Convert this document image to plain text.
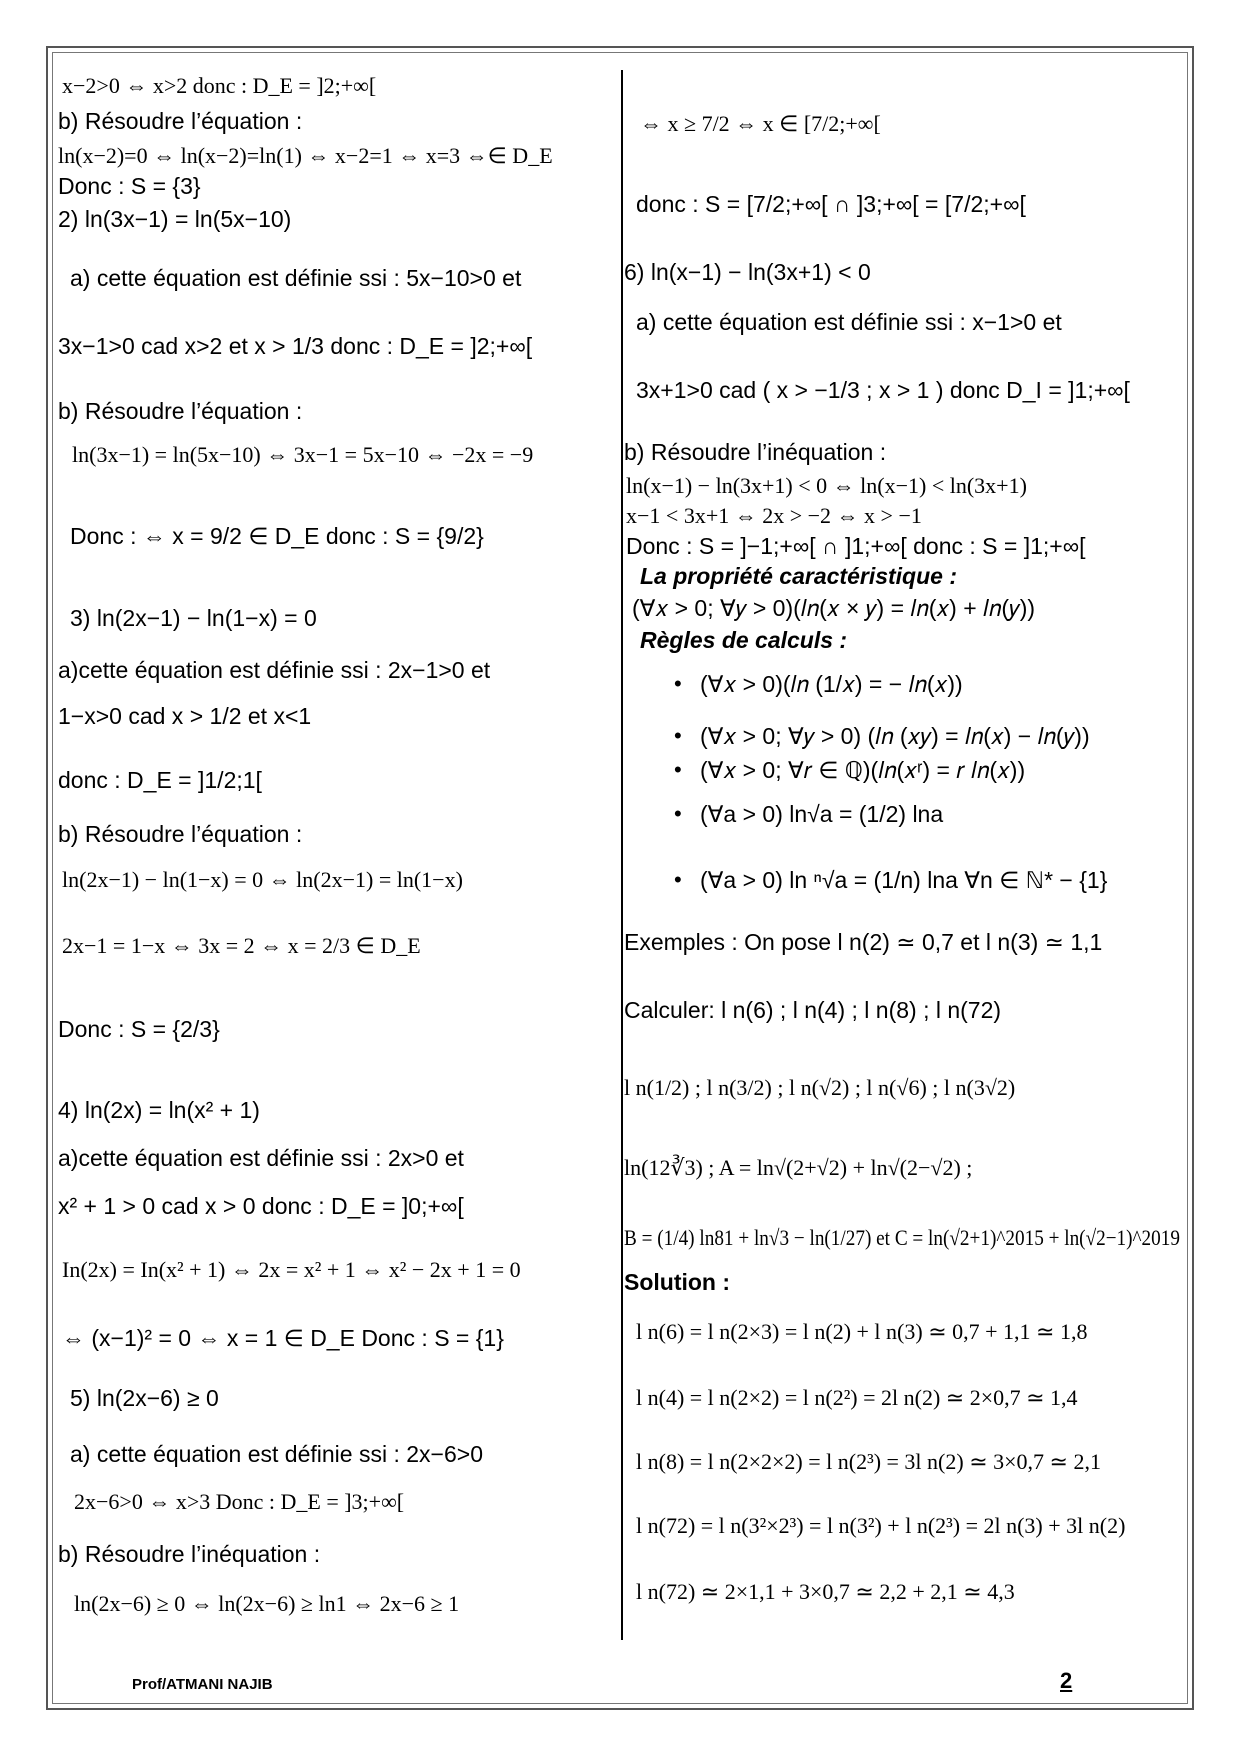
x−2>0 ⇔ x>2 donc : D_E = ]2;+∞[
b) Résoudre l’équation :
ln(x−2)=0 ⇔ ln(x−2)=ln(1) ⇔ x−2=1 ⇔ x=3 ⇔∈ D_E
Donc : S = {3}
2) ln(3x−1) = ln(5x−10)
a) cette équation est définie ssi : 5x−10>0 et
3x−1>0 cad x>2 et x > 1/3 donc : D_E = ]2;+∞[
b) Résoudre l’équation :
ln(3x−1) = ln(5x−10) ⇔ 3x−1 = 5x−10 ⇔ −2x = −9
Donc : ⇔ x = 9/2 ∈ D_E donc : S = {9/2}
3) ln(2x−1) − ln(1−x) = 0
a)cette équation est définie ssi : 2x−1>0 et
1−x>0 cad x > 1/2 et x<1
donc : D_E = ]1/2;1[
b) Résoudre l’équation :
ln(2x−1) − ln(1−x) = 0 ⇔ ln(2x−1) = ln(1−x)
2x−1 = 1−x ⇔ 3x = 2 ⇔ x = 2/3 ∈ D_E
Donc : S = {2/3}
4) ln(2x) = ln(x² + 1)
a)cette équation est définie ssi : 2x>0 et
x² + 1 > 0 cad x > 0 donc : D_E = ]0;+∞[
In(2x) = In(x² + 1) ⇔ 2x = x² + 1 ⇔ x² − 2x + 1 = 0
⇔ (x−1)² = 0 ⇔ x = 1 ∈ D_E Donc : S = {1}
5) ln(2x−6) ≥ 0
a) cette équation est définie ssi : 2x−6>0
2x−6>0 ⇔ x>3 Donc : D_E = ]3;+∞[
b) Résoudre l’inéquation :
ln(2x−6) ≥ 0 ⇔ ln(2x−6) ≥ ln1 ⇔ 2x−6 ≥ 1
⇔ x ≥ 7/2 ⇔ x ∈ [7/2;+∞[
donc : S = [7/2;+∞[ ∩ ]3;+∞[ = [7/2;+∞[
6) ln(x−1) − ln(3x+1) < 0
a) cette équation est définie ssi : x−1>0 et
3x+1>0 cad ( x > −1/3 ; x > 1 ) donc D_I = ]1;+∞[
b) Résoudre l’inéquation :
ln(x−1) − ln(3x+1) < 0 ⇔ ln(x−1) < ln(3x+1)
x−1 < 3x+1 ⇔ 2x > −2 ⇔ x > −1
Donc : S = ]−1;+∞[ ∩ ]1;+∞[ donc : S = ]1;+∞[
La propriété caractéristique :
(∀𝑥 > 0; ∀𝑦 > 0)(𝑙𝑛(𝑥 × 𝑦) = 𝑙𝑛(𝑥) + 𝑙𝑛(𝑦))
Règles de calculs :
• (∀𝑥 > 0)(𝑙𝑛 (1/𝑥) = − 𝑙𝑛(𝑥))
• (∀𝑥 > 0; ∀𝑦 > 0) (𝑙𝑛 (𝑥𝑦) = 𝑙𝑛(𝑥) − 𝑙𝑛(𝑦))
• (∀𝑥 > 0; ∀𝑟 ∈ ℚ)(𝑙𝑛(𝑥ʳ) = 𝑟 𝑙𝑛(𝑥))
• (∀a > 0) ln√a = (1/2) lna
• (∀a > 0) ln ⁿ√a = (1/n) lna ∀n ∈ ℕ* − {1}
Exemples : On pose l n(2) ≃ 0,7 et l n(3) ≃ 1,1
Calculer: l n(6) ; l n(4) ; l n(8) ; l n(72)
l n(1/2) ; l n(3/2) ; l n(√2) ; l n(√6) ; l n(3√2)
ln(12∛3) ; A = ln√(2+√2) + ln√(2−√2) ;
B = (1/4) ln81 + ln√3 − ln(1/27) et C = ln(√2+1)^2015 + ln(√2−1)^2019
Solution :
l n(6) = l n(2×3) = l n(2) + l n(3) ≃ 0,7 + 1,1 ≃ 1,8
l n(4) = l n(2×2) = l n(2²) = 2l n(2) ≃ 2×0,7 ≃ 1,4
l n(8) = l n(2×2×2) = l n(2³) = 3l n(2) ≃ 3×0,7 ≃ 2,1
l n(72) = l n(3²×2³) = l n(3²) + l n(2³) = 2l n(3) + 3l n(2)
l n(72) ≃ 2×1,1 + 3×0,7 ≃ 2,2 + 2,1 ≃ 4,3
Prof/ATMANI NAJIB	2
